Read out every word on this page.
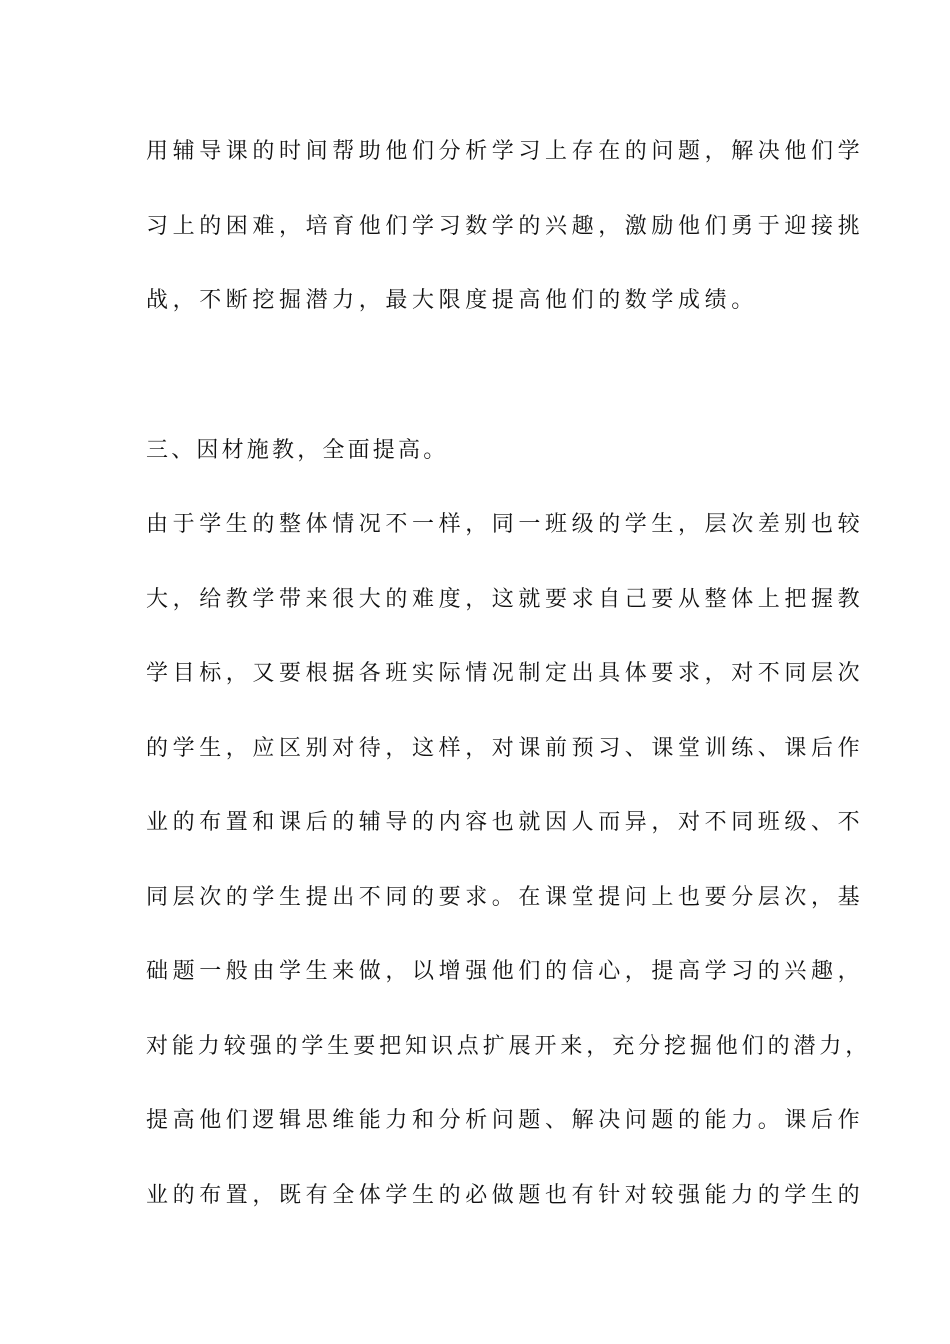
用辅导课的时间帮助他们分析学习上存在的问题，解决他们学
习上的困难，培育他们学习数学的兴趣，激励他们勇于迎接挑
战，不断挖掘潜力，最大限度提高他们的数学成绩。
三、因材施教，全面提高。
由于学生的整体情况不一样，同一班级的学生，层次差别也较
大，给教学带来很大的难度，这就要求自己要从整体上把握教
学目标，又要根据各班实际情况制定出具体要求，对不同层次
的学生，应区别对待，这样，对课前预习、课堂训练、课后作
业的布置和课后的辅导的内容也就因人而异，对不同班级、不
同层次的学生提出不同的要求。在课堂提问上也要分层次，基
础题一般由学生来做，以增强他们的信心，提高学习的兴趣，
对能力较强的学生要把知识点扩展开来，充分挖掘他们的潜力，
提高他们逻辑思维能力和分析问题、解决问题的能力。课后作
业的布置，既有全体学生的必做题也有针对较强能力的学生的
